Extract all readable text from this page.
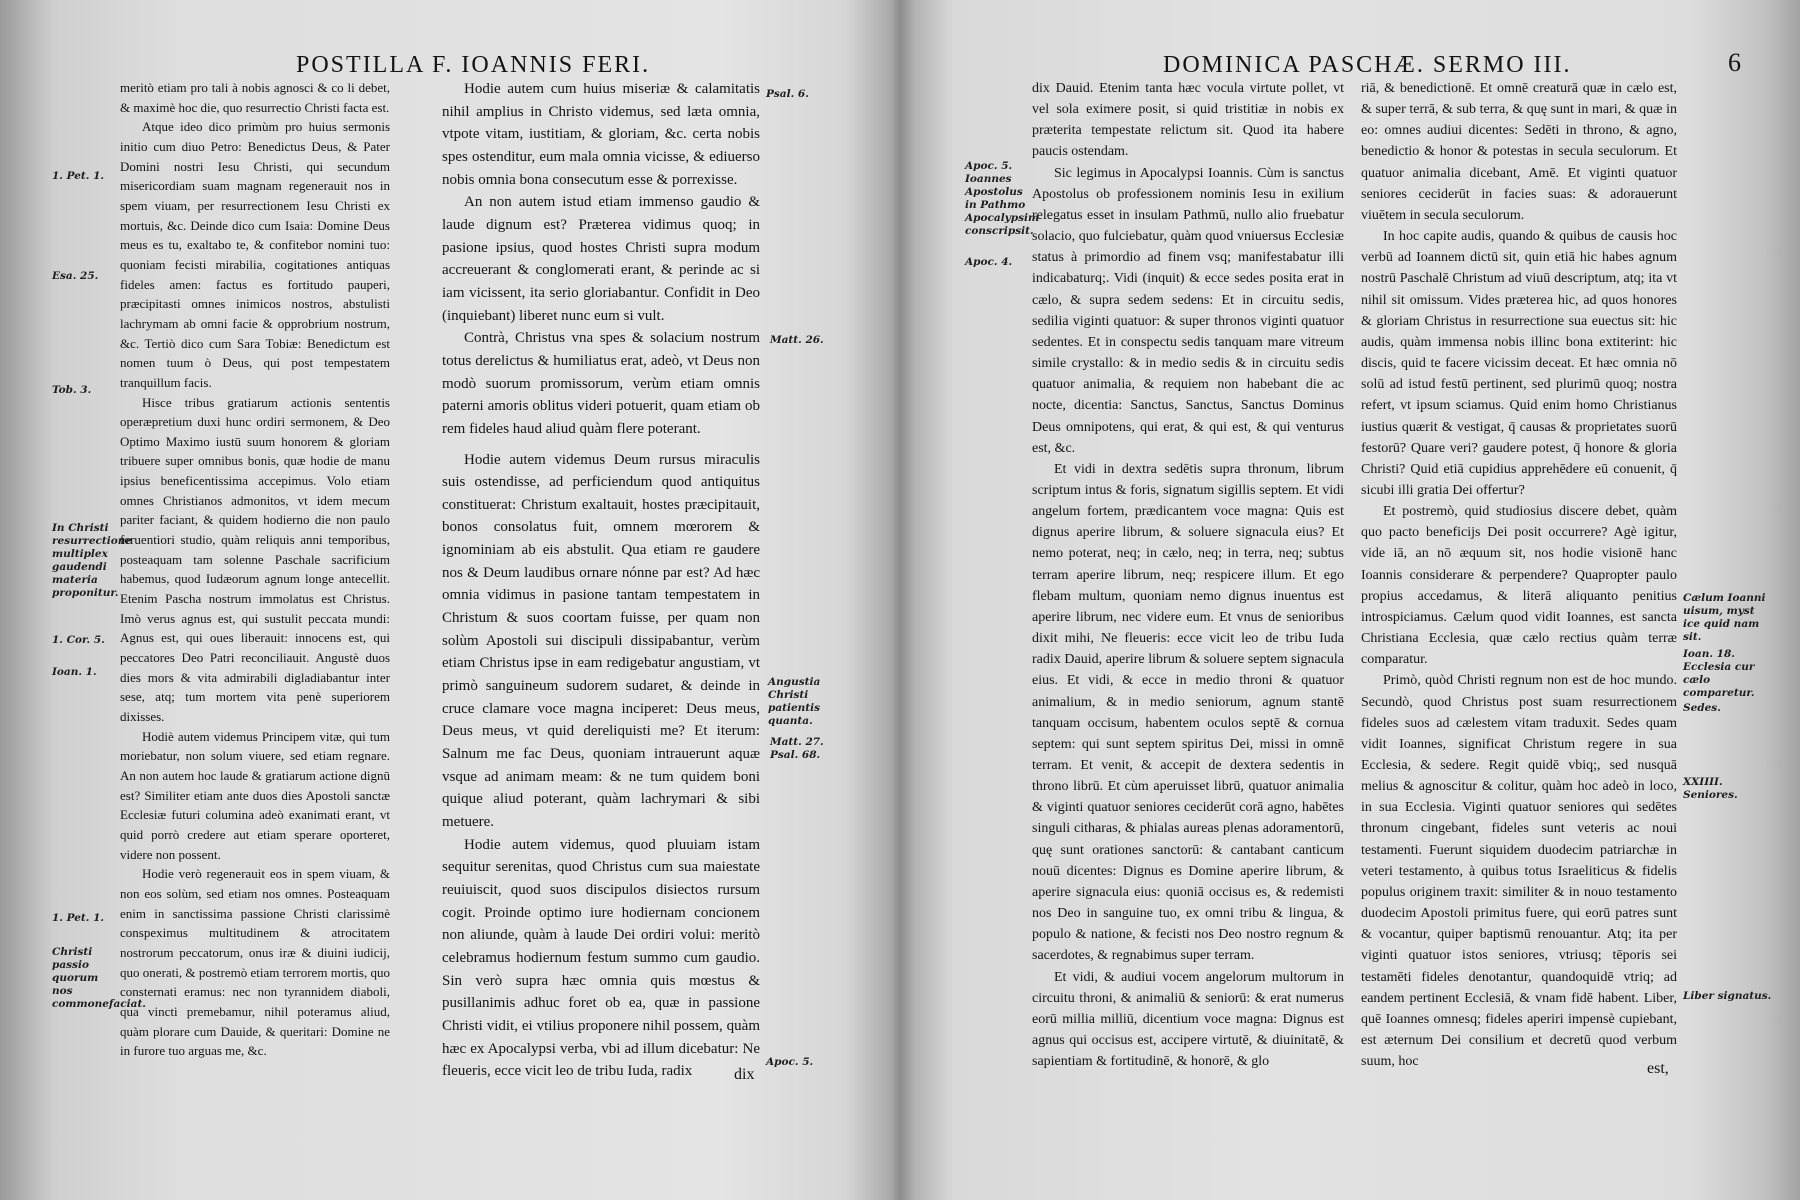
POSTILLA F. IOANNIS FERI.

meritò etiam pro tali à nobis agnosci & co li debet, & maximè hoc die, quo resurrectio Christi facta est.

Atque ideo dico primùm pro huius sermonis initio cum diuo Petro: Benedictus Deus, & Pater Domini nostri Iesu Christi, qui secundum misericordiam suam magnam regenerauit nos in spem viuam, per resurrectionem Iesu Christi ex mortuis, &c. Deinde dico cum Isaia: Domine Deus meus es tu, exaltabo te, & confitebor nomini tuo: quoniam fecisti mirabilia, cogitationes antiquas fideles amen: factus es fortitudo pauperi, præcipitasti omnes inimicos nostros, abstulisti lachrymam ab omni facie & opprobrium nostrum, &c. Tertiò dico cum Sara Tobiæ: Benedictum est nomen tuum ò Deus, qui post tempestatem tranquillum facis.

Hisce tribus gratiarum actionis sententis operæpretium duxi hunc ordiri sermonem, & Deo Optimo Maximo iustū suum honorem & gloriam tribuere super omnibus bonis, quæ hodie de manu ipsius beneficentissima accepimus. Volo etiam omnes Christianos admonitos, vt idem mecum pariter faciant, & quidem hodierno die non paulo feruentiori studio, quàm reliquis anni temporibus, posteaquam tam solenne Paschale sacrificium habemus, quod Iudæorum agnum longe antecellit. Etenim Pascha nostrum immolatus est Christus. Imò verus agnus est, qui sustulit peccata mundi: Agnus est, qui oues liberauit: innocens est, qui peccatores Deo Patri reconciliauit. Angustè duos dies mors & vita admirabili digladiabantur inter sese, atq; tum mortem vita penè superiorem dixisses.

Hodiè autem videmus Principem vitæ, qui tum moriebatur, non solum viuere, sed etiam regnare. An non autem hoc laude & gratiarum actione dignū est? Similiter etiam ante duos dies Apostoli sanctæ Ecclesiæ futuri columina adeò exanimati erant, vt quid porrò credere aut etiam sperare oporteret, videre non possent.

Hodie verò regenerauit eos in spem viuam, & non eos solùm, sed etiam nos omnes. Posteaquam enim in sanctissima passione Christi clarissimè conspeximus multitudinem & atrocitatem nostrorum peccatorum, onus iræ & diuini iudicij, quo onerati, & postremò etiam terrorem mortis, quo consternati eramus: nec non tyrannidem diaboli, qua vincti premebamur, nihil poteramus aliud, quàm plorare cum Dauide, & queritari: Domine ne in furore tuo arguas me, &c.

Hodie autem cum huius miseriæ & calamitatis nihil amplius in Christo videmus, sed læta omnia, vtpote vitam, iustitiam, & gloriam, &c. certa nobis spes ostenditur, eum mala omnia vicisse, & ediuerso nobis omnia bona consecutum esse & porrexisse.

An non autem istud etiam immenso gaudio & laude dignum est? Præterea vidimus quoq; in pasione ipsius, quod hostes Christi supra modum accreuerant & conglomerati erant, & perinde ac si iam vicissent, ita serio gloriabantur. Confidit in Deo (inquiebant) liberet nunc eum si vult.

Contrà, Christus vna spes & solacium nostrum totus derelictus & humiliatus erat, adeò, vt Deus non modò suorum promissorum, verùm etiam omnis paterni amoris oblitus videri potuerit, quam etiam ob rem fideles haud aliud quàm flere poterant.

Hodie autem videmus Deum rursus miraculis suis ostendisse, ad perficiendum quod antiquitus constituerat: Christum exaltauit, hostes præcipitauit, bonos consolatus fuit, omnem mœrorem & ignominiam ab eis abstulit. Qua etiam re gaudere nos & Deum laudibus ornare nónne par est? Ad hæc omnia vidimus in pasione tantam tempestatem in Christum & suos coortam fuisse, per quam non solùm Apostoli sui discipuli dissipabantur, verùm etiam Christus ipse in eam redigebatur angustiam, vt primò sanguineum sudorem sudaret, & deinde in cruce clamare voce magna inciperet: Deus meus, Deus meus, vt quid dereliquisti me? Et iterum: Salnum me fac Deus, quoniam intrauerunt aquæ vsque ad animam meam: & ne tum quidem boni quique aliud poterant, quàm lachrymari & sibi metuere.

Hodie autem videmus, quod pluuiam istam sequitur serenitas, quod Christus cum sua maiestate reuiuiscit, quod suos discipulos disiectos rursum cogit. Proinde optimo iure hodiernam concionem non aliunde, quàm à laude Dei ordiri volui: meritò celebramus hodiernum festum summo cum gaudio. Sin verò supra hæc omnia quis mœstus & pusillanimis adhuc foret ob ea, quæ in passione Christi vidit, ei vtilius proponere nihil possem, quàm hæc ex Apocalypsi verba, vbi ad illum dicebatur: Ne fleueris, ecce vicit leo de tribu Iuda, radix	dix
1. Pet. 1.
Esa. 25.
Tob. 3.
In Christi resurrectione multiplex gaudendi materia proponitur.
1. Cor. 5.
Ioan. 1.
1. Pet. 1.
Christi passio quorum nos commonefaciat.
Psal. 6.
Matt. 26.
Angustia Christi patientis quanta.
Matt. 27. Psal. 68.
Apoc. 5.
DOMINICA PASCHÆ. SERMO III.

dix Dauid. Etenim tanta hæc vocula virtute pollet, vt vel sola eximere posit, si quid tristitiæ in nobis ex præterita tempestate relictum sit. Quod ita habere paucis ostendam.

Sic legimus in Apocalypsi Ioannis. Cùm is sanctus Apostolus ob professionem nominis Iesu in exilium relegatus esset in insulam Pathmū, nullo alio fruebatur solacio, quo fulciebatur, quàm quod vniuersus Ecclesiæ status à primordio ad finem vsq; manifestabatur illi indicabaturq;. Vidi (inquit) & ecce sedes posita erat in cælo, & supra sedem sedens: Et in circuitu sedis, sedilia viginti quatuor: & super thronos viginti quatuor sedentes. Et in conspectu sedis tanquam mare vitreum simile crystallo: & in medio sedis & in circuitu sedis quatuor animalia, & requiem non habebant die ac nocte, dicentia: Sanctus, Sanctus, Sanctus Dominus Deus omnipotens, qui erat, & qui est, & qui venturus est, &c.

Et vidi in dextra sedētis supra thronum, librum scriptum intus & foris, signatum sigillis septem. Et vidi angelum fortem, prædicantem voce magna: Quis est dignus aperire librum, & soluere signacula eius? Et nemo poterat, neq; in cælo, neq; in terra, neq; subtus terram aperire librum, neq; respicere illum. Et ego flebam multum, quoniam nemo dignus inuentus est aperire librum, nec videre eum. Et vnus de senioribus dixit mihi, Ne fleueris: ecce vicit leo de tribu Iuda radix Dauid, aperire librum & soluere septem signacula eius. Et vidi, & ecce in medio throni & quatuor animalium, & in medio seniorum, agnum stantē tanquam occisum, habentem oculos septē & cornua septem: qui sunt septem spiritus Dei, missi in omnē terram. Et venit, & accepit de dextera sedentis in throno librū. Et cùm aperuisset librū, quatuor animalia & viginti quatuor seniores ceciderūt corā agno, habētes singuli citharas, & phialas aureas plenas adoramentorū, quę sunt orationes sanctorū: & cantabant canticum nouū dicentes: Dignus es Domine aperire librum, & aperire signacula eius: quoniā occisus es, & redemisti nos Deo in sanguine tuo, ex omni tribu & lingua, & populo & natione, & fecisti nos Deo nostro regnum & sacerdotes, & regnabimus super terram.

Et vidi, & audiui vocem angelorum multorum in circuitu throni, & animaliū & seniorū: & erat numerus eorū millia milliū, dicentium voce magna: Dignus est agnus qui occisus est, accipere virtutē, & diuinitatē, & sapientiam & fortitudinē, & honorē, & glo

riā, & benedictionē. Et omnē creaturā quæ in cælo est, & super terrā, & sub terra, & quę sunt in mari, & quæ in eo: omnes audiui dicentes: Sedēti in throno, & agno, benedictio & honor & potestas in secula seculorum. Et quatuor animalia dicebant, Amē. Et viginti quatuor seniores ceciderūt in facies suas: & adorauerunt viuētem in secula seculorum.

In hoc capite audis, quando & quibus de causis hoc verbū ad Ioannem dictū sit, quin etiā hic habes agnum nostrū Paschalē Christum ad viuū descriptum, atq; ita vt nihil sit omissum. Vides præterea hic, ad quos honores & gloriam Christus in resurrectione sua euectus sit: hic audis, quàm immensa nobis illinc bona extiterint: hic discis, quid te facere vicissim deceat. Et hæc omnia nō solū ad istud festū pertinent, sed plurimū quoq; nostra refert, vt ipsum sciamus. Quid enim homo Christianus iustius quærit & vestigat, q̄ causas & proprietates suorū festorū? Quare veri? gaudere potest, q̄ honore & gloria Christi? Quid etiā cupidius apprehēdere eū conuenit, q̄ sicubi illi gratia Dei offertur?

Et postremò, quid studiosius discere debet, quàm quo pacto beneficijs Dei posit occurrere? Agè igitur, vide iā, an nō æquum sit, nos hodie visionē hanc Ioannis considerare & perpendere? Quapropter paulo propius accedamus, & literā aliquanto penitius introspiciamus. Cælum quod vidit Ioannes, est sancta Christiana Ecclesia, quæ cælo rectius quàm terræ comparatur.

Primò, quòd Christi regnum non est de hoc mundo. Secundò, quod Christus post suam resurrectionem fideles suos ad cælestem vitam traduxit. Sedes quam vidit Ioannes, significat Christum regere in sua Ecclesia, & sedere. Regit quidē vbiq;, sed nusquā melius & agnoscitur & colitur, quàm hoc adeò in loco, in sua Ecclesia. Viginti quatuor seniores qui sedētes thronum cingebant, fideles sunt veteris ac noui testamenti. Fuerunt siquidem duodecim patriarchæ in veteri testamento, à quibus totus Israeliticus & fidelis populus originem traxit: similiter & in nouo testamento duodecim Apostoli primitus fuere, qui eorū patres sunt & vocantur, quiper baptismū renouantur. Atq; ita per viginti quatuor istos seniores, vtriusq; tēporis sei testamēti fideles denotantur, quandoquidē vtriq; ad eandem pertinent Ecclesiā, & vnam fidē habent. Liber, quē Ioannes omnesq; fideles aperiri impensè cupiebant, est æternum Dei consilium et decretū quod verbum suum, hoc	est,
Apoc. 5. Ioannes Apostolus in Pathmo Apocalypsim conscripsit.
Apoc. 4.
Cælum Ioanni uisum, myst ice quid nam sit.
Ioan. 18. Ecclesia cur cælo comparetur.
Sedes.
XXIIII. Seniores.
Liber signatus.
6
